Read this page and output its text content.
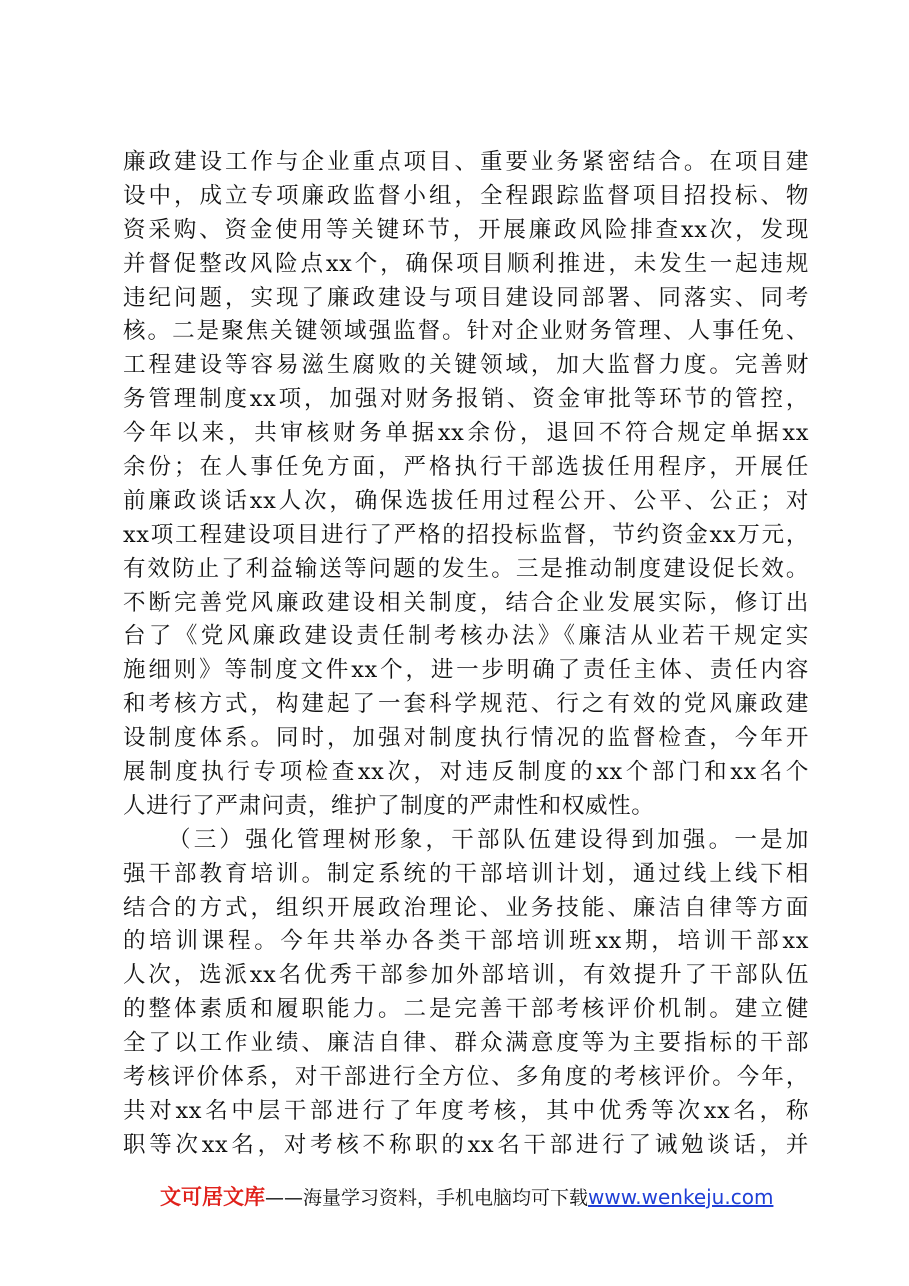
廉政建设工作与企业重点项目、重要业务紧密结合。在项目建
设中，成立专项廉政监督小组，全程跟踪监督项目招投标、物
资采购、资金使用等关键环节，开展廉政风险排查xx次，发现
并督促整改风险点xx个，确保项目顺利推进，未发生一起违规
违纪问题，实现了廉政建设与项目建设同部署、同落实、同考
核。二是聚焦关键领域强监督。针对企业财务管理、人事任免、
工程建设等容易滋生腐败的关键领域，加大监督力度。完善财
务管理制度xx项，加强对财务报销、资金审批等环节的管控，
今年以来，共审核财务单据xx余份，退回不符合规定单据xx
余份；在人事任免方面，严格执行干部选拔任用程序，开展任
前廉政谈话xx人次，确保选拔任用过程公开、公平、公正；对
xx项工程建设项目进行了严格的招投标监督，节约资金xx万元，
有效防止了利益输送等问题的发生。三是推动制度建设促长效。
不断完善党风廉政建设相关制度，结合企业发展实际，修订出
台了《党风廉政建设责任制考核办法》《廉洁从业若干规定实
施细则》等制度文件xx个，进一步明确了责任主体、责任内容
和考核方式，构建起了一套科学规范、行之有效的党风廉政建
设制度体系。同时，加强对制度执行情况的监督检查，今年开
展制度执行专项检查xx次，对违反制度的xx个部门和xx名个
人进行了严肃问责，维护了制度的严肃性和权威性。
（三）强化管理树形象，干部队伍建设得到加强。一是加
强干部教育培训。制定系统的干部培训计划，通过线上线下相
结合的方式，组织开展政治理论、业务技能、廉洁自律等方面
的培训课程。今年共举办各类干部培训班xx期，培训干部xx
人次，选派xx名优秀干部参加外部培训，有效提升了干部队伍
的整体素质和履职能力。二是完善干部考核评价机制。建立健
全了以工作业绩、廉洁自律、群众满意度等为主要指标的干部
考核评价体系，对干部进行全方位、多角度的考核评价。今年，
共对xx名中层干部进行了年度考核，其中优秀等次xx名，称
职等次xx名，对考核不称职的xx名干部进行了诫勉谈话，并
文可居文库——海量学习资料，手机电脑均可下载www.wenkeju.com
